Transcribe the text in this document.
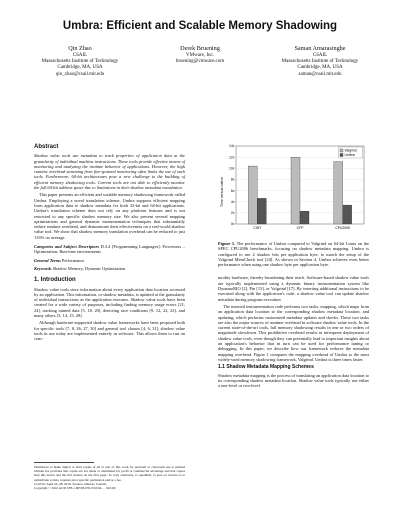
Umbra: Efficient and Scalable Memory Shadowing
Qin Zhao
CSAIL
Massachusetts Institute of Technology
Cambridge, MA, USA
qin_zhao@csail.mit.edu
Derek Bruening
VMware, Inc.
bruening@vmware.com
Saman Amarasinghe
CSAIL
Massachusetts Institute of Technology
Cambridge, MA, USA
saman@csail.mit.edu
Abstract

Shadow value tools use metadata to track properties of application data at the granularity of individual machine instructions. These tools provide effective means of monitoring and analyzing the runtime behavior of applications. However, the high runtime overhead stemming from fine-grained monitoring often limits the use of such tools. Furthermore, 64-bit architectures pose a new challenge to the building of efficient memory shadowing tools. Current tools are not able to efficiently monitor the full 64-bit address space due to limitations in their shadow metadata translation.

This paper presents an efficient and scalable memory shadowing framework called Umbra. Employing a novel translation scheme, Umbra supports efficient mapping from application data to shadow metadata for both 32-bit and 64-bit applications. Umbra's translation scheme does not rely on any platform features and is not restricted to any specific shadow memory size. We also present several mapping optimizations and general dynamic instrumentation techniques that substantially reduce runtime overhead, and demonstrate their effectiveness on a real-world shadow value tool. We show that shadow memory translation overhead can be reduced to just 133% on average.

Categories and Subject Descriptors D.3.4 [Programming Languages]: Processors – Optimization, Run-time environments

General Terms Performance

Keywords Shadow Memory, Dynamic Optimization

1. Introduction

Shadow value tools store information about every application data location accessed by an application. This information, or shadow metadata, is updated at the granularity of individual instructions as the application executes. Shadow value tools have been created for a wide variety of purposes, including finding memory usage errors [21, 24], tracking tainted data [5, 18, 20], detecting race conditions [9, 12, 22, 23], and many others [3, 14, 15, 28].

Although hardware-supported shadow value frameworks have been proposed both for specific tools [7, 8, 26, 27, 30] and general tool classes [4, 6, 31], shadow value tools in use today are implemented entirely in software. This allows them to run on com-

Permission to make digital or hard copies of all or part of this work for personal or classroom use is granted without fee provided that copies are not made or distributed for profit or commercial advantage and that copies bear this notice and the full citation on the first page. To copy otherwise, to republish, to post on servers or to redistribute to lists, requires prior specific permission and/or a fee.
CGO'10, April 24–28, 2010, Toronto, Ontario, Canada.
Copyright © 2010 ACM 978-1-60558-635-9/10/04. . . $10.00
0x
2x
4x
6x
8x
10x
12x
14x
CINT	CFP	CPU2006
Valgrind
Umbra
Time versus native

Figure 1. The performance of Umbra compared to Valgrind on 64-bit Linux on the SPEC CPU2006 benchmarks, focusing on shadow metadata mapping. Umbra is configured to use 2 shadow bits per application byte, to match the setup of the Valgrind MemCheck tool [24]. As shown in Section 4, Umbra achieves even better performance when using one shadow byte per application byte.

modity hardware, thereby broadening their reach. Software-based shadow value tools are typically implemented using a dynamic binary instrumentation system like DynamoRIO [2], Pin [13], or Valgrind [17]. By inserting additional instructions to be executed along with the application's code, a shadow value tool can update shadow metadata during program execution.

The inserted instrumentation code performs two tasks: mapping, which maps from an application data location to the corresponding shadow metadata location, and updating, which performs customized metadata updates and checks. These two tasks are also the major sources of runtime overhead in software shadow value tools. In the current state-of-the-art tools, full memory shadowing results in one or two orders of magnitude slowdown. This prohibitive overhead results in infrequent deployment of shadow value tools, even though they can potentially lead to important insights about an application's behavior that in turn can be used for performance tuning or debugging. In this paper, we describe how our framework reduces the metadata mapping overhead. Figure 1 compares the mapping overhead of Umbra to the most widely-used memory shadowing framework, Valgrind. Umbra is three times faster.

1.1 Shadow Metadata Mapping Schemes

Shadow metadata mapping is the process of translating an application data location to its corresponding shadow metadata location. Shadow value tools typically use either a one-level or two-level
